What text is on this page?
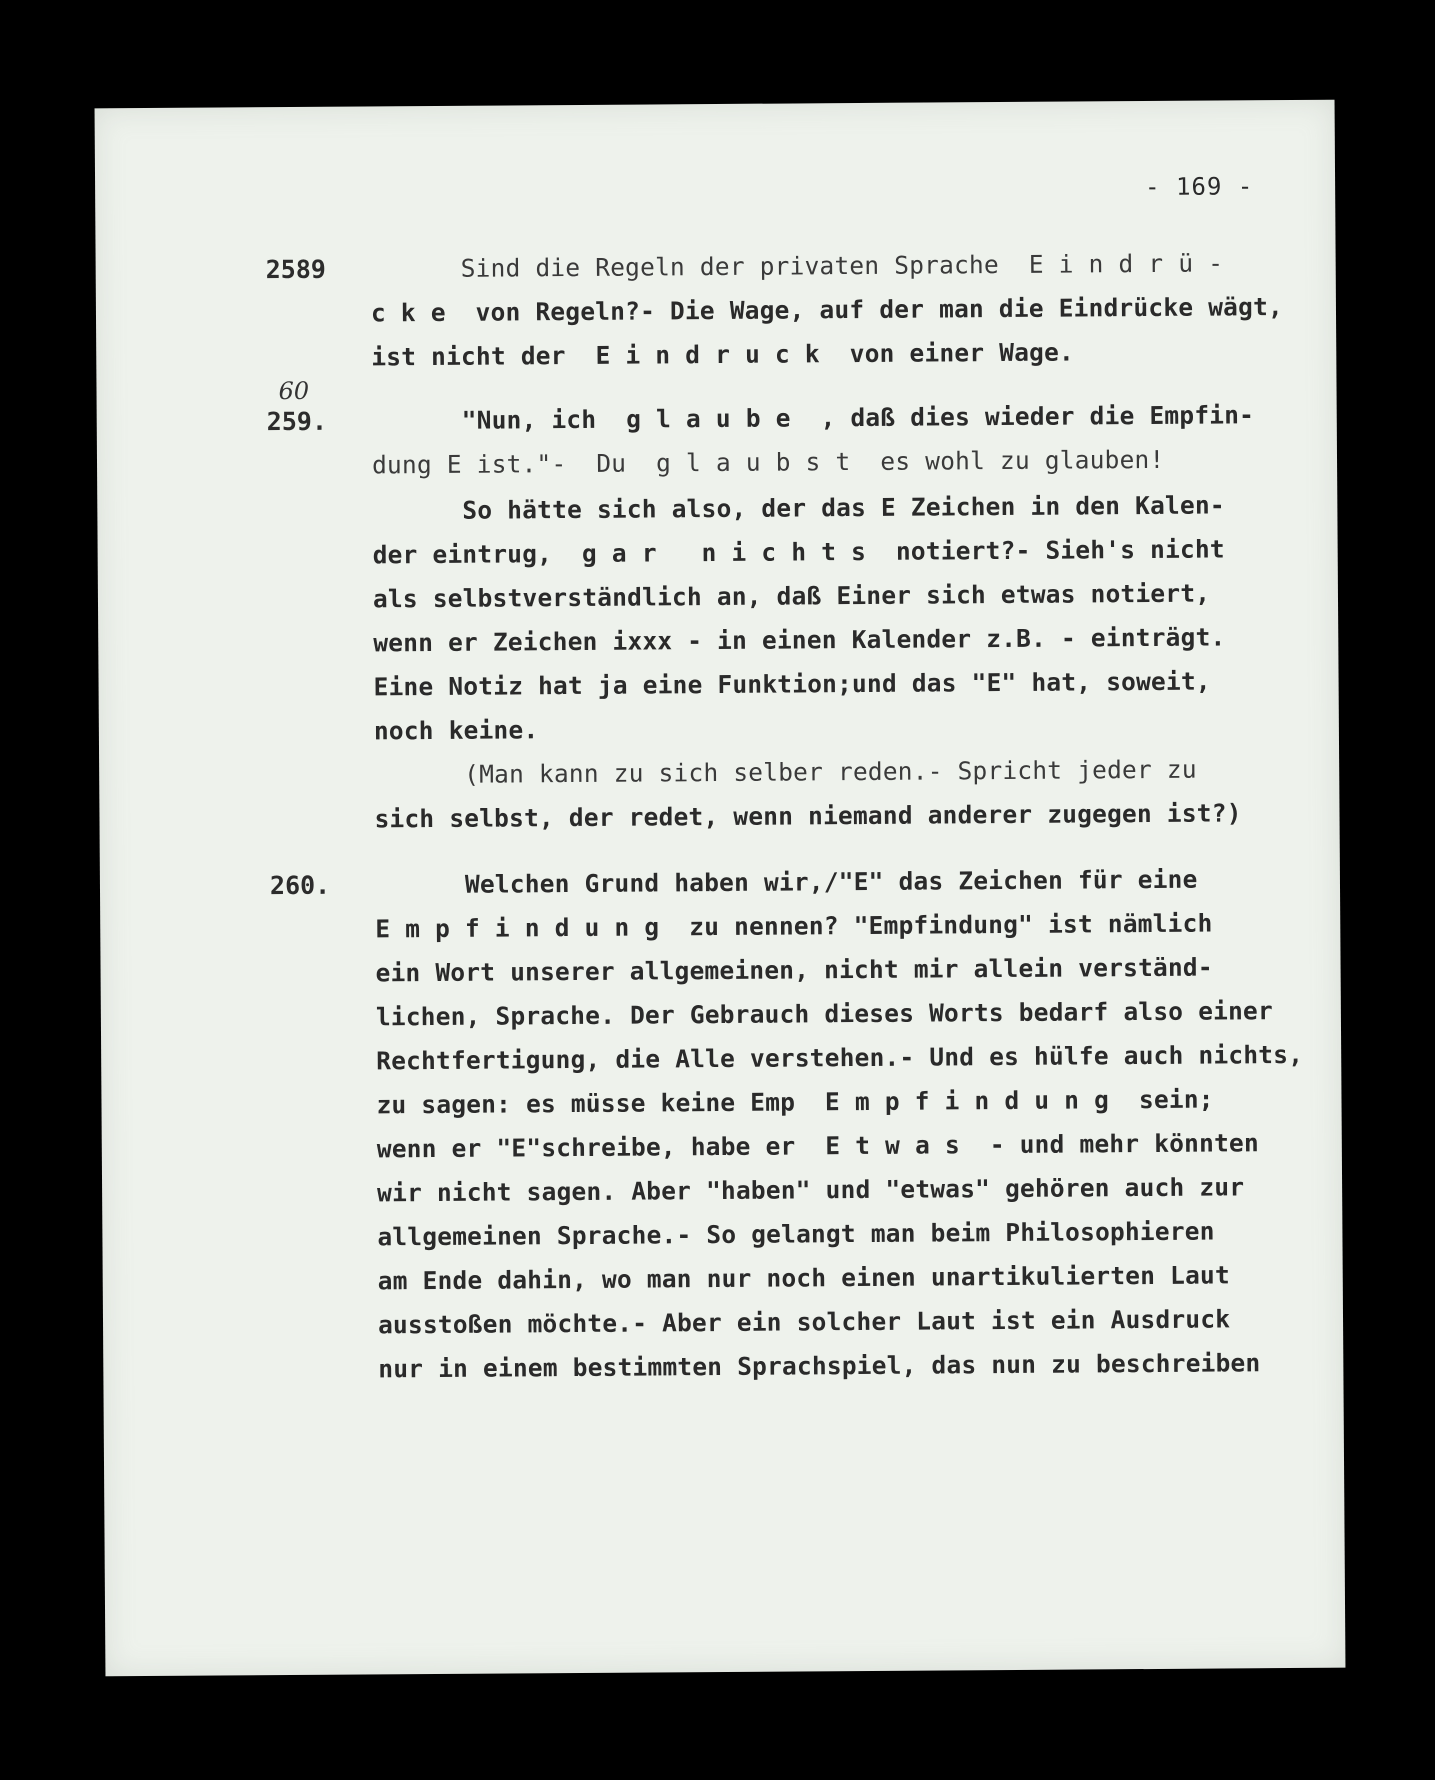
- 169 -
2589	Sind die Regeln der privaten Sprache  E i n d r ü -
c k e  von Regeln?- Die Wage, auf der man die Eindrücke wägt,
ist nicht der  E i n d r u c k  von einer Wage.
60
259.	"Nun, ich  g l a u b e  , daß dies wieder die Empfin-
dung E ist."-  Du  g l a u b s t  es wohl zu glauben!
So hätte sich also, der das E Zeichen in den Kalen-
der eintrug,  g a r   n i c h t s  notiert?- Sieh's nicht
als selbstverständlich an, daß Einer sich etwas notiert,
wenn er Zeichen ixxx - in einen Kalender z.B. - einträgt.
Eine Notiz hat ja eine Funktion;und das "E" hat, soweit,
noch keine.
(Man kann zu sich selber reden.- Spricht jeder zu
sich selbst, der redet, wenn niemand anderer zugegen ist?)
260.	Welchen Grund haben wir,/"E" das Zeichen für eine
E m p f i n d u n g  zu nennen? "Empfindung" ist nämlich
ein Wort unserer allgemeinen, nicht mir allein verständ-
lichen, Sprache. Der Gebrauch dieses Worts bedarf also einer
Rechtfertigung, die Alle verstehen.- Und es hülfe auch nichts,
zu sagen: es müsse keine Emp  E m p f i n d u n g  sein;
wenn er "E"schreibe, habe er  E t w a s  - und mehr könnten
wir nicht sagen. Aber "haben" und "etwas" gehören auch zur
allgemeinen Sprache.- So gelangt man beim Philosophieren
am Ende dahin, wo man nur noch einen unartikulierten Laut
ausstoßen möchte.- Aber ein solcher Laut ist ein Ausdruck
nur in einem bestimmten Sprachspiel, das nun zu beschreiben
